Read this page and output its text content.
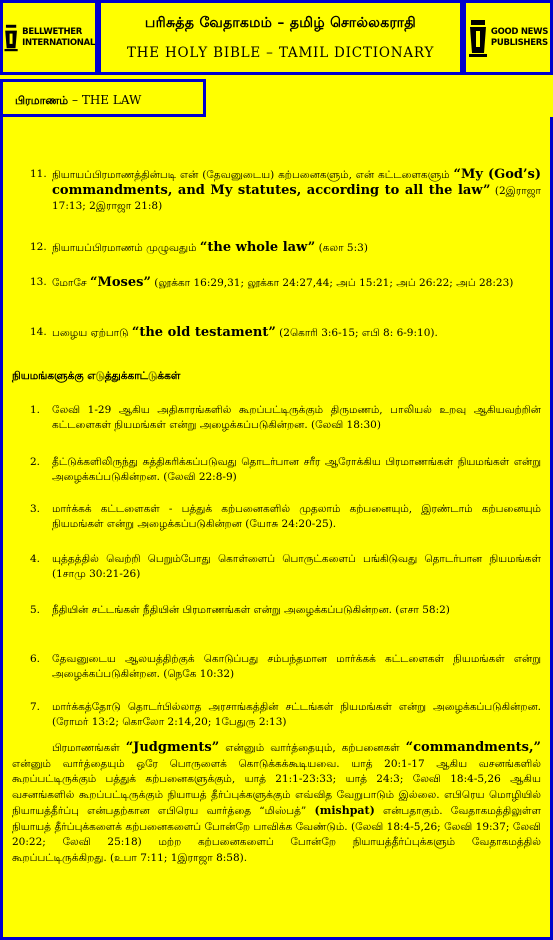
BELLWETHER
INTERNATIONAL
பரிசுத்த வேதாகமம் – தமிழ் சொல்லகராதி
THE HOLY BIBLE – TAMIL DICTIONARY
GOOD NEWS
PUBLISHERS
பிரமாணம் – THE LAW
11. நியாயப்பிரமாணத்தின்படி என் (தேவனுடைய) கற்பனைகளும், என் கட்டளைகளும் “My (God’s) commandments, and My statutes, according to all the law” (2இராஜா 17:13; 2இராஜா 21:8)
12. நியாயப்பிரமாணம் முழுவதும் “the whole law” (கலா 5:3)
13. மோசே “Moses” (லூக்கா 16:29,31; லூக்கா 24:27,44; அப் 15:21; அப் 26:22; அப் 28:23)
14. பழைய ஏற்பாடு “the old testament” (2கொரி 3:6-15; எபி 8: 6-9:10).
நியமங்களுக்கு எடுத்துக்காட்டுக்கள்
1.	லேவி 1-29 ஆகிய அதிகாரங்களில் கூறப்பட்டிருக்கும் திருமணம், பாலியல் உறவு ஆகியவற்றின் கட்டளைகள் நியமங்கள் என்று அழைக்கப்படுகின்றன. (லேவி 18:30)
2.	தீட்டுக்களிலிருந்து சுத்திகரிக்கப்படுவது தொடர்பான சரீர ஆரோக்கிய பிரமாணங்கள் நியமங்கள் என்று அழைக்கப்படுகின்றன. (லேவி 22:8-9)
3.	மார்க்கக் கட்டளைகள் - பத்துக் கற்பனைகளில் முதலாம் கற்பனையும், இரண்டாம் கற்பனையும் நியமங்கள் என்று அழைக்கப்படுகின்றன (யோசு 24:20-25).
4.	யுத்தத்தில் வெற்றி பெறும்போது கொள்ளைப் பொருட்களைப் பங்கிடுவது தொடர்பான நியமங்கள் (1சாமு 30:21-26)
5.	நீதியின் சட்டங்கள் நீதியின் பிரமாணங்கள் என்று அழைக்கப்படுகின்றன. (எசா 58:2)
6.	தேவனுடைய ஆலயத்திற்குக் கொடுப்பது சம்பந்தமான மார்க்கக் கட்டளைகள் நியமங்கள் என்று அழைக்கப்படுகின்றன. (நெகே 10:32)
7.	மார்க்கத்தோடு தொடர்பில்லாத அரசாங்கத்தின் சட்டங்கள் நியமங்கள் என்று அழைக்கப்படுகின்றன. (ரோமர் 13:2; கொலோ 2:14,20; 1பேதுரு 2:13)
பிரமாணங்கள் “Judgments” என்னும் வார்த்தையும், கற்பனைகள் “commandments,” என்னும் வார்த்தையும் ஒரே பொருளைக் கொடுக்கக்கூடியவை. யாத் 20:1-17 ஆகிய வசனங்களில் கூறப்பட்டிருக்கும் பத்துக் கற்பனைகளுக்கும், யாத் 21:1-23:33; யாத் 24:3; லேவி 18:4-5,26 ஆகிய வசனங்களில் கூறப்பட்டிருக்கும் நியாயத் தீர்ப்புக்களுக்கும் எவ்வித வேறுபாடும் இல்லை. எபிரெய மொழியில் நியாயத்தீர்ப்பு என்பதற்கான எபிரெய வார்த்தை “மிஸ்பத்” (mishpat) என்பதாகும். வேதாகமத்திலுள்ள நியாயத் தீர்ப்புக்களைக் கற்பனைகளைப் போன்றே பாவிக்க வேண்டும். (லேவி 18:4-5,26; லேவி 19:37; லேவி 20:22; லேவி 25:18) மற்ற கற்பனைகளைப் போன்றே நியாயத்தீர்ப்புக்களும் வேதாகமத்தில் கூறப்பட்டிருக்கிறது. (உபா 7:11; 1இராஜா 8:58).
